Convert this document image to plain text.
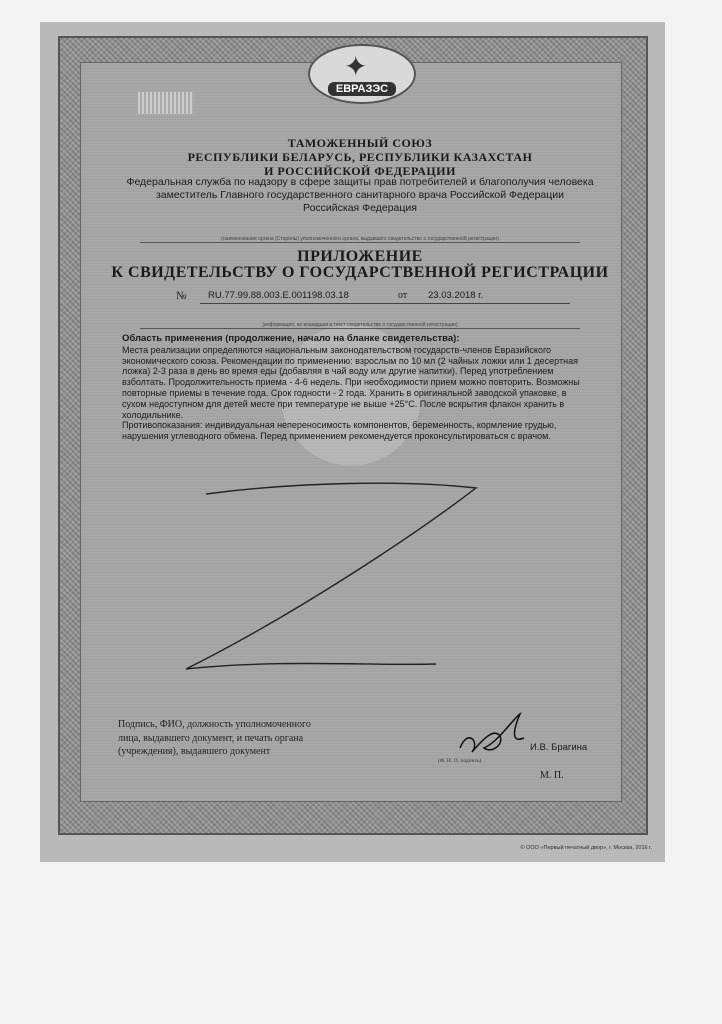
✦
ЕВРАЗЭС
ТАМОЖЕННЫЙ СОЮЗ
РЕСПУБЛИКИ БЕЛАРУСЬ, РЕСПУБЛИКИ КАЗАХСТАН
И РОССИЙСКОЙ ФЕДЕРАЦИИ
Федеральная служба по надзору в сфере защиты прав потребителей и благополучия человека
заместитель Главного государственного санитарного врача Российской Федерации
Российская Федерация
(наименование органа (Стороны) уполномоченного органа, выдавшего свидетельство о государственной регистрации)
ПРИЛОЖЕНИЕ
К СВИДЕТЕЛЬСТВУ О ГОСУДАРСТВЕННОЙ РЕГИСТРАЦИИ
№ RU.77.99.88.003.E.001198.03.18	от 23.03.2018 г.
(информация, не вошедшая в текст свидетельства о государственной регистрации)
Область применения (продолжение, начало на бланке свидетельства):
Места реализации определяются национальным законодательством государств-членов Евразийского экономического союза. Рекомендации по применению: взрослым по 10 мл (2 чайных ложки или 1 десертная ложка) 2-3 раза в день во время еды (добавляя в чай воду или другие напитки). Перед употреблением взболтать. Продолжительность приема - 4-6 недель. При необходимости прием можно повторить. Возможны повторные приемы в течение года. Срок годности - 2 года. Хранить в оригинальной заводской упаковке, в сухом недоступном для детей месте при температуре не выше +25°С. После вскрытия флакон хранить в холодильнике.
Противопоказания: индивидуальная непереносимость компонентов, беременность, кормление грудью, нарушения углеводного обмена. Перед применением рекомендуется проконсультироваться с врачом.
Подпись, ФИО, должность уполномоченного
лица, выдавшего документ, и печать органа
(учреждения), выдавшего документ	И.В. Брагина
(Ф. И. О. подпись)
М. П.
© ООО «Первый печатный двор», г. Москва, 2016 г.
